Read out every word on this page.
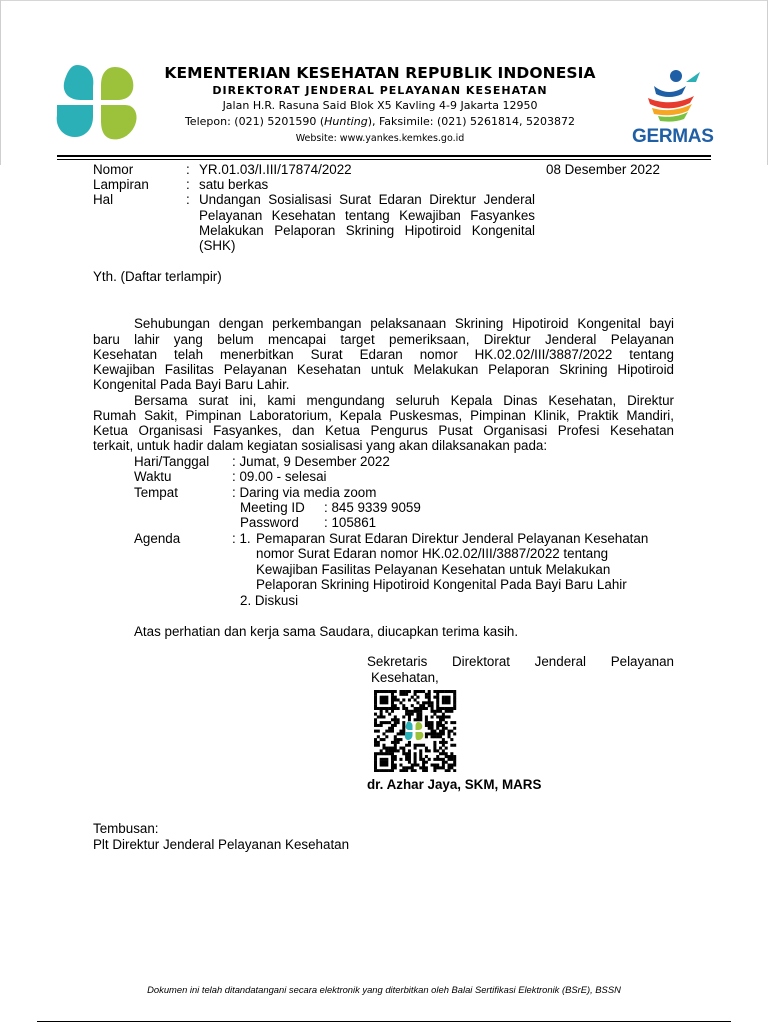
KEMENTERIAN KESEHATAN REPUBLIK INDONESIA
DIREKTORAT JENDERAL PELAYANAN KESEHATAN
Jalan H.R. Rasuna Said Blok X5 Kavling 4-9 Jakarta 12950
Telepon: (021) 5201590 (Hunting), Faksimile: (021) 5261814, 5203872
Website: www.yankes.kemkes.go.id	GERMAS
Nomor	: YR.01.03/I.III/17874/2022	08 Desember 2022
Lampiran	: satu berkas
Hal	: Undangan Sosialisasi Surat Edaran Direktur Jenderal
Pelayanan Kesehatan tentang Kewajiban Fasyankes
Melakukan Pelaporan Skrining Hipotiroid Kongenital
(SHK)
Yth. (Daftar terlampir)
Sehubungan dengan perkembangan pelaksanaan Skrining Hipotiroid Kongenital bayi
baru lahir yang belum mencapai target pemeriksaan, Direktur Jenderal Pelayanan
Kesehatan telah menerbitkan Surat Edaran nomor HK.02.02/III/3887/2022 tentang
Kewajiban Fasilitas Pelayanan Kesehatan untuk Melakukan Pelaporan Skrining Hipotiroid
Kongenital Pada Bayi Baru Lahir.
Bersama surat ini, kami mengundang seluruh Kepala Dinas Kesehatan, Direktur
Rumah Sakit, Pimpinan Laboratorium, Kepala Puskesmas, Pimpinan Klinik, Praktik Mandiri,
Ketua Organisasi Fasyankes, dan Ketua Pengurus Pusat Organisasi Profesi Kesehatan
terkait, untuk hadir dalam kegiatan sosialisasi yang akan dilaksanakan pada:
Hari/Tanggal : Jumat, 9 Desember 2022
Waktu	: 09.00 - selesai
Tempat	: Daring via media zoom
Meeting ID : 845 9339 9059
Password : 105861
Agenda	: 1. Pemaparan Surat Edaran Direktur Jenderal Pelayanan Kesehatan
nomor Surat Edaran nomor HK.02.02/III/3887/2022 tentang
Kewajiban Fasilitas Pelayanan Kesehatan untuk Melakukan
Pelaporan Skrining Hipotiroid Kongenital Pada Bayi Baru Lahir
2. Diskusi
Atas perhatian dan kerja sama Saudara, diucapkan terima kasih.
Sekretaris Direktorat Jenderal Pelayanan
Kesehatan,
dr. Azhar Jaya, SKM, MARS
Tembusan:
Plt Direktur Jenderal Pelayanan Kesehatan
Dokumen ini telah ditandatangani secara elektronik yang diterbitkan oleh Balai Sertifikasi Elektronik (BSrE), BSSN
